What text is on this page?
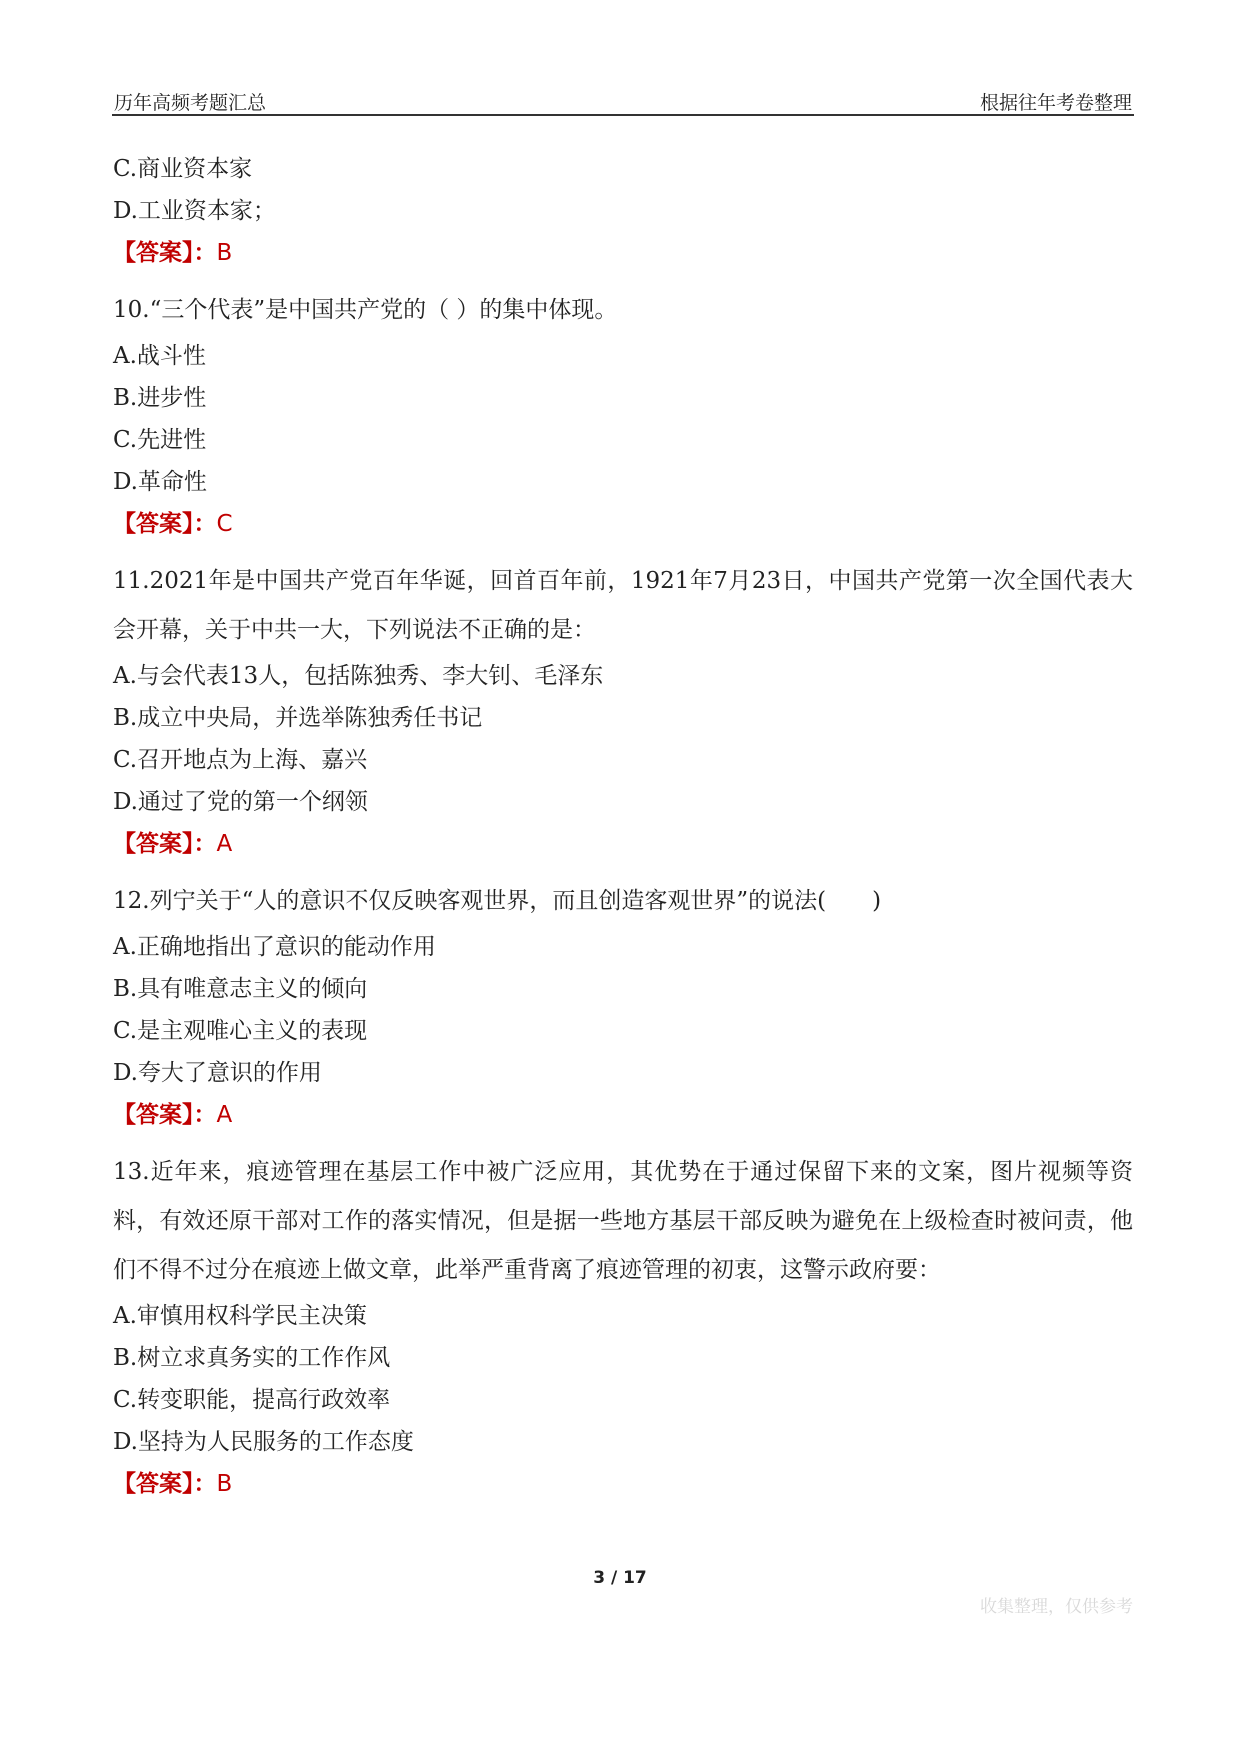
历年高频考题汇总	根据往年考卷整理
C.商业资本家
D.工业资本家；
【答案】：B
10.“三个代表”是中国共产党的（ ）的集中体现。
A.战斗性
B.进步性
C.先进性
D.革命性
【答案】：C
11.2021年是中国共产党百年华诞，回首百年前，1921年7月23日，中国共产党第一次全国代表大会开幕，关于中共一大，下列说法不正确的是：
A.与会代表13人，包括陈独秀、李大钊、毛泽东
B.成立中央局，并选举陈独秀任书记
C.召开地点为上海、嘉兴
D.通过了党的第一个纲领
【答案】：A
12.列宁关于“人的意识不仅反映客观世界，而且创造客观世界”的说法(　　)
A.正确地指出了意识的能动作用
B.具有唯意志主义的倾向
C.是主观唯心主义的表现
D.夸大了意识的作用
【答案】：A
13.近年来，痕迹管理在基层工作中被广泛应用，其优势在于通过保留下来的文案，图片视频等资料，有效还原干部对工作的落实情况，但是据一些地方基层干部反映为避免在上级检查时被问责，他们不得不过分在痕迹上做文章，此举严重背离了痕迹管理的初衷，这警示政府要：
A.审慎用权科学民主决策
B.树立求真务实的工作作风
C.转变职能，提高行政效率
D.坚持为人民服务的工作态度
【答案】：B
3 / 17
收集整理，仅供参考
